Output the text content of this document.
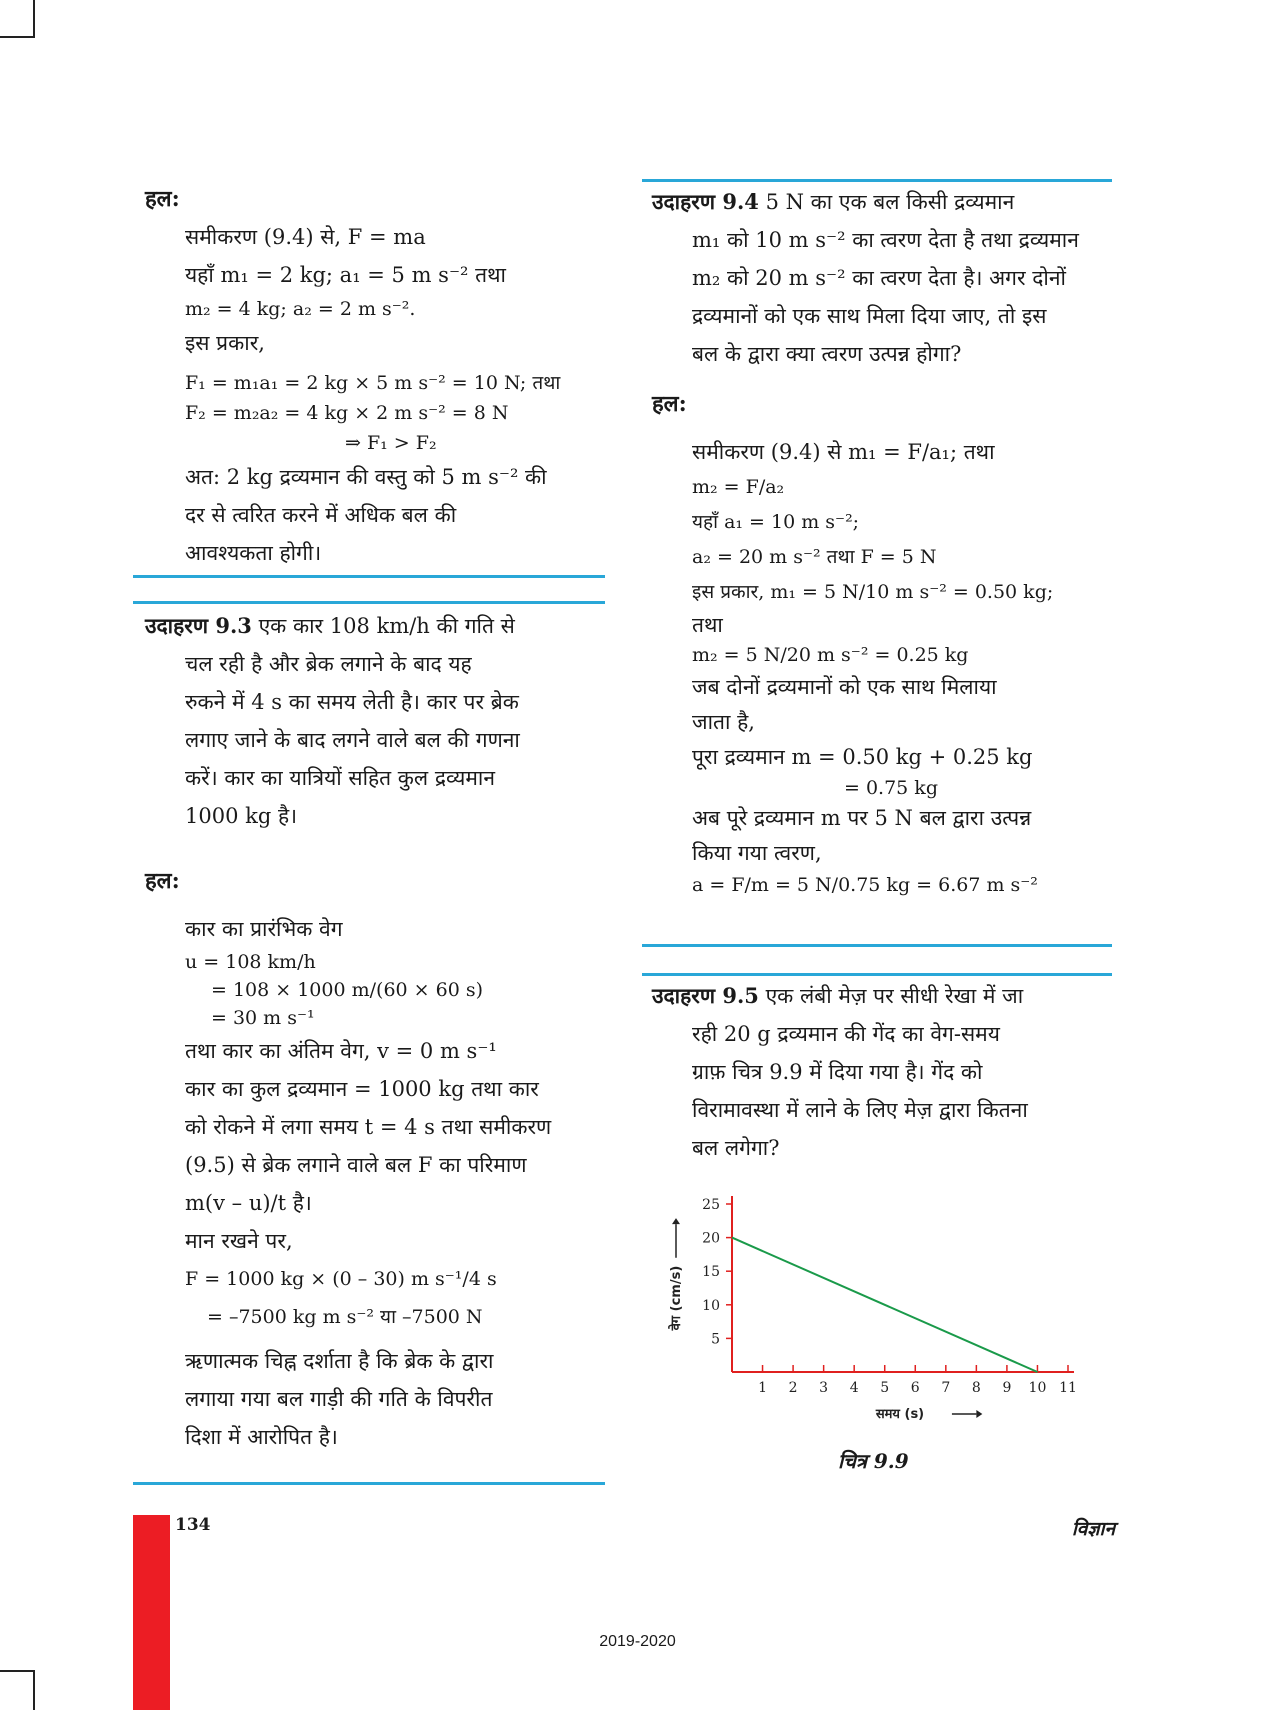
हल:

समीकरण (9.4) से, F = ma

यहाँ m₁ = 2 kg; a₁ = 5 m s⁻² तथा

m₂ = 4 kg; a₂ = 2 m s⁻².

इस प्रकार,

F₁ = m₁a₁ = 2 kg × 5 m s⁻² = 10 N; तथा

F₂ = m₂a₂ = 4 kg × 2 m s⁻² = 8 N

⇒ F₁ > F₂

अत: 2 kg द्रव्यमान की वस्तु को 5 m s⁻² की

दर से त्वरित करने में अधिक बल की

आवश्यकता होगी।

उदाहरण 9.3 एक कार 108 km/h की गति से

चल रही है और ब्रेक लगाने के बाद यह

रुकने में 4 s का समय लेती है। कार पर ब्रेक

लगाए जाने के बाद लगने वाले बल की गणना

करें। कार का यात्रियों सहित कुल द्रव्यमान

1000 kg है।

हल:

कार का प्रारंभिक वेग

u = 108 km/h

= 108 × 1000 m/(60 × 60 s)

= 30 m s⁻¹

तथा कार का अंतिम वेग, v = 0 m s⁻¹

कार का कुल द्रव्यमान = 1000 kg तथा कार

को रोकने में लगा समय t = 4 s तथा समीकरण

(9.5) से ब्रेक लगाने वाले बल F का परिमाण

m(v – u)/t है।

मान रखने पर,

F = 1000 kg × (0 – 30) m s⁻¹/4 s

= –7500 kg m s⁻² या –7500 N

ऋणात्मक चिह्न दर्शाता है कि ब्रेक के द्वारा

लगाया गया बल गाड़ी की गति के विपरीत

दिशा में आरोपित है।

उदाहरण 9.4 5 N का एक बल किसी द्रव्यमान

m₁ को 10 m s⁻² का त्वरण देता है तथा द्रव्यमान

m₂ को 20 m s⁻² का त्वरण देता है। अगर दोनों

द्रव्यमानों को एक साथ मिला दिया जाए, तो इस

बल के द्वारा क्या त्वरण उत्पन्न होगा?

हल:

समीकरण (9.4) से m₁ = F/a₁; तथा

m₂ = F/a₂

यहाँ a₁ = 10 m s⁻²;

a₂ = 20 m s⁻² तथा F = 5 N

इस प्रकार, m₁ = 5 N/10 m s⁻² = 0.50 kg;

तथा

m₂ = 5 N/20 m s⁻² = 0.25 kg

जब दोनों द्रव्यमानों को एक साथ मिलाया

जाता है,

पूरा द्रव्यमान m = 0.50 kg + 0.25 kg

= 0.75 kg

अब पूरे द्रव्यमान m पर 5 N बल द्वारा उत्पन्न

किया गया त्वरण,

a = F/m = 5 N/0.75 kg = 6.67 m s⁻²

उदाहरण 9.5 एक लंबी मेज़ पर सीधी रेखा में जा

रही 20 g द्रव्यमान की गेंद का वेग-समय

ग्राफ़ चित्र 9.9 में दिया गया है। गेंद को

विरामावस्था में लाने के लिए मेज़ द्वारा कितना

बल लगेगा?

1 2 3 4 5 6 7 8 9 10 11
5
10
15
20
25
समय (s)
वेग (cm/s)
चित्र 9.9
134	विज्ञान
2019-2020
